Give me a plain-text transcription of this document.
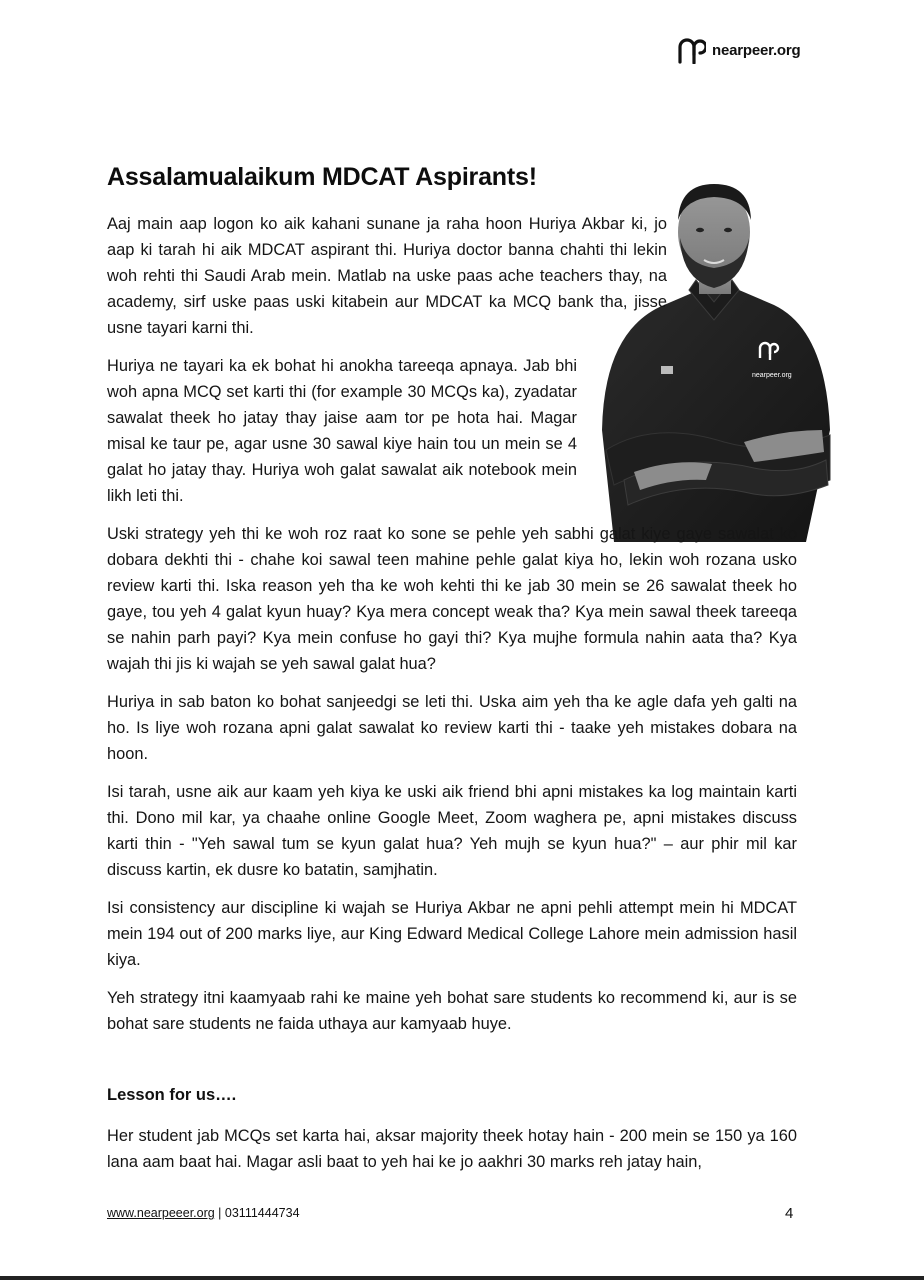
nearpeer.org
Assalamualaikum MDCAT Aspirants!
nearpeer.org

Aaj main aap logon ko aik kahani sunane ja raha hoon Huriya Akbar ki, jo aap ki tarah hi aik MDCAT aspirant thi. Huriya doctor banna chahti thi lekin woh rehti thi Saudi Arab mein. Matlab na uske paas ache teachers thay, na academy, sirf uske paas uski kitabein aur MDCAT ka MCQ bank tha, jisse usne tayari karni thi.

Huriya ne tayari ka ek bohat hi anokha tareeqa apnaya. Jab bhi woh apna MCQ set karti thi (for example 30 MCQs ka), zyadatar sawalat theek ho jatay thay jaise aam tor pe hota hai. Magar misal ke taur pe, agar usne 30 sawal kiye hain tou un mein se 4 galat ho jatay thay. Huriya woh galat sawalat aik notebook mein likh leti thi.

Uski strategy yeh thi ke woh roz raat ko sone se pehle yeh sabhi galat kiye gaye sawalat ko dobara dekhti thi - chahe koi sawal teen mahine pehle galat kiya ho, lekin woh rozana usko review karti thi. Iska reason yeh tha ke woh kehti thi ke jab 30 mein se 26 sawalat theek ho gaye, tou yeh 4 galat kyun huay? Kya mera concept weak tha? Kya mein sawal theek tareeqa se nahin parh payi? Kya mein confuse ho gayi thi? Kya mujhe formula nahin aata tha? Kya wajah thi jis ki wajah se yeh sawal galat hua?

Huriya in sab baton ko bohat sanjeedgi se leti thi. Uska aim yeh tha ke agle dafa yeh galti na ho. Is liye woh rozana apni galat sawalat ko review karti thi - taake yeh mistakes dobara na hoon.

Isi tarah, usne aik aur kaam yeh kiya ke uski aik friend bhi apni mistakes ka log maintain karti thi. Dono mil kar, ya chaahe online Google Meet, Zoom waghera pe, apni mistakes discuss karti thin - "Yeh sawal tum se kyun galat hua? Yeh mujh se kyun hua?" – aur phir mil kar discuss kartin, ek dusre ko batatin, samjhatin.

Isi consistency aur discipline ki wajah se Huriya Akbar ne apni pehli attempt mein hi MDCAT mein 194 out of 200 marks liye, aur King Edward Medical College Lahore mein admission hasil kiya.

Yeh strategy itni kaamyaab rahi ke maine yeh bohat sare students ko recommend ki, aur is se bohat sare students ne faida uthaya aur kamyaab huye.

Lesson for us….

Her student jab MCQs set karta hai, aksar majority theek hotay hain - 200 mein se 150 ya 160 lana aam baat hai. Magar asli baat to yeh hai ke jo aakhri 30 marks reh jatay hain,

www.nearpeeer.org | 03111444734	4
